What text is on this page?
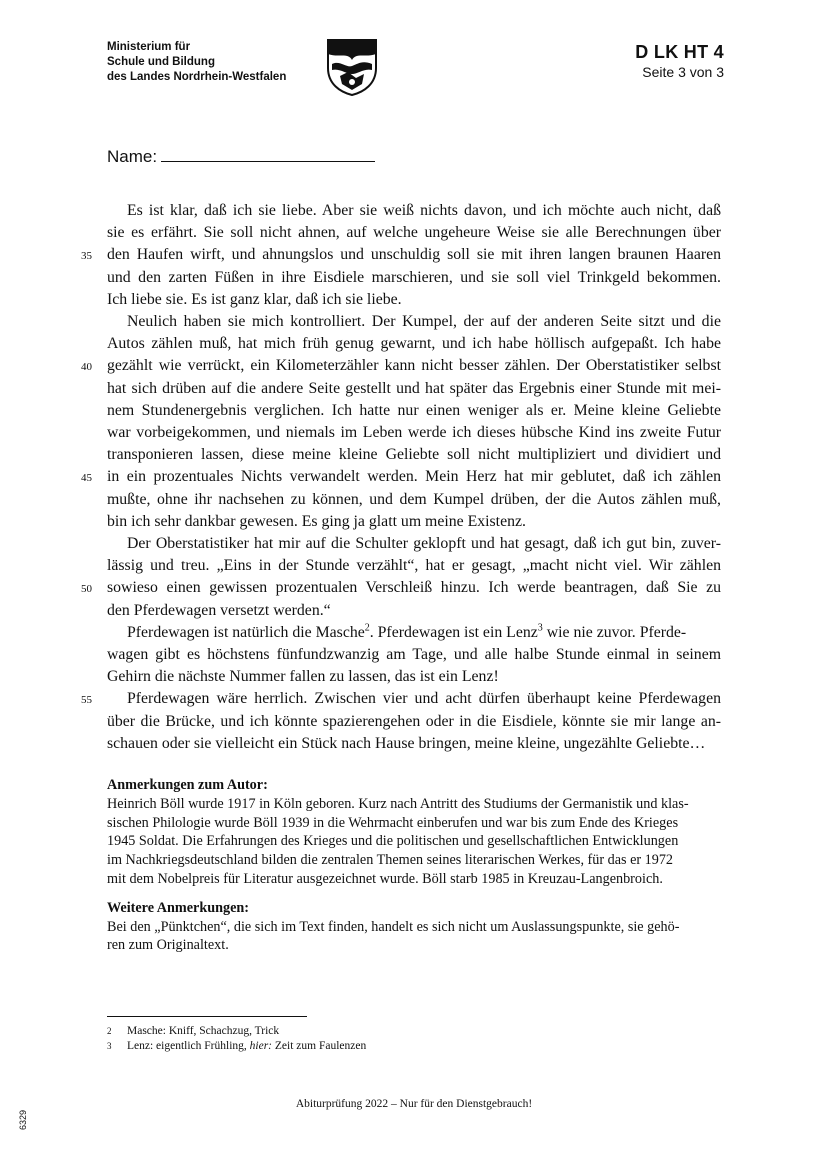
Ministerium für
Schule und Bildung
des Landes Nordrhein-Westfalen
D LK HT 4
Seite 3 von 3
Name:
Es ist klar, daß ich sie liebe. Aber sie weiß nichts davon, und ich möchte auch nicht, daß
sie es erfährt. Sie soll nicht ahnen, auf welche ungeheure Weise sie alle Berechnungen über
35 den Haufen wirft, und ahnungslos und unschuldig soll sie mit ihren langen braunen Haaren
und den zarten Füßen in ihre Eisdiele marschieren, und sie soll viel Trinkgeld bekommen.
Ich liebe sie. Es ist ganz klar, daß ich sie liebe.
Neulich haben sie mich kontrolliert. Der Kumpel, der auf der anderen Seite sitzt und die
Autos zählen muß, hat mich früh genug gewarnt, und ich habe höllisch aufgepaßt. Ich habe
40 gezählt wie verrückt, ein Kilometerzähler kann nicht besser zählen. Der Oberstatistiker selbst
hat sich drüben auf die andere Seite gestellt und hat später das Ergebnis einer Stunde mit mei-
nem Stundenergebnis verglichen. Ich hatte nur einen weniger als er. Meine kleine Geliebte
war vorbeigekommen, und niemals im Leben werde ich dieses hübsche Kind ins zweite Futur
transponieren lassen, diese meine kleine Geliebte soll nicht multipliziert und dividiert und
45 in ein prozentuales Nichts verwandelt werden. Mein Herz hat mir geblutet, daß ich zählen
mußte, ohne ihr nachsehen zu können, und dem Kumpel drüben, der die Autos zählen muß,
bin ich sehr dankbar gewesen. Es ging ja glatt um meine Existenz.
Der Oberstatistiker hat mir auf die Schulter geklopft und hat gesagt, daß ich gut bin, zuver-
lässig und treu. „Eins in der Stunde verzählt“, hat er gesagt, „macht nicht viel. Wir zählen
50 sowieso einen gewissen prozentualen Verschleiß hinzu. Ich werde beantragen, daß Sie zu
den Pferdewagen versetzt werden.“
Pferdewagen ist natürlich die Masche$^2$. Pferdewagen ist ein Lenz$^3$ wie nie zuvor. Pferde-
wagen gibt es höchstens fünfundzwanzig am Tage, und alle halbe Stunde einmal in seinem
Gehirn die nächste Nummer fallen zu lassen, das ist ein Lenz!
55 Pferdewagen wäre herrlich. Zwischen vier und acht dürfen überhaupt keine Pferdewagen
über die Brücke, und ich könnte spazierengehen oder in die Eisdiele, könnte sie mir lange an-
schauen oder sie vielleicht ein Stück nach Hause bringen, meine kleine, ungezählte Geliebte…
Anmerkungen zum Autor:
Heinrich Böll wurde 1917 in Köln geboren. Kurz nach Antritt des Studiums der Germanistik und klas-
sischen Philologie wurde Böll 1939 in die Wehrmacht einberufen und war bis zum Ende des Krieges
1945 Soldat. Die Erfahrungen des Krieges und die politischen und gesellschaftlichen Entwicklungen
im Nachkriegsdeutschland bilden die zentralen Themen seines literarischen Werkes, für das er 1972
mit dem Nobelpreis für Literatur ausgezeichnet wurde. Böll starb 1985 in Kreuzau-Langenbroich.
Weitere Anmerkungen:
Bei den „Pünktchen“, die sich im Text finden, handelt es sich nicht um Auslassungspunkte, sie gehö-
ren zum Originaltext.
2 Masche: Kniff, Schachzug, Trick
3 Lenz: eigentlich Frühling, hier: Zeit zum Faulenzen
Abiturprüfung 2022 – Nur für den Dienstgebrauch!
6329
